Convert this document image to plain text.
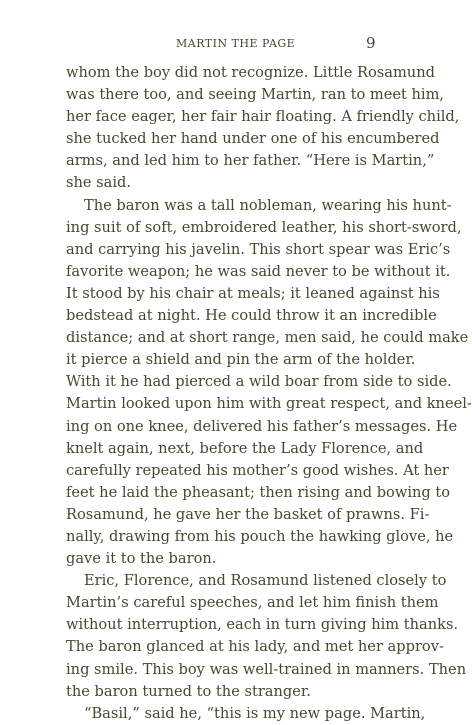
MARTIN THE PAGE	9
whom the boy did not recognize. Little Rosamund
was there too, and seeing Martin, ran to meet him,
her face eager, her fair hair floating. A friendly child,
she tucked her hand under one of his encumbered
arms, and led him to her father. “Here is Martin,”
she said.
The baron was a tall nobleman, wearing his hunt-
ing suit of soft, embroidered leather, his short-sword,
and carrying his javelin. This short spear was Eric’s
favorite weapon; he was said never to be without it.
It stood by his chair at meals; it leaned against his
bedstead at night. He could throw it an incredible
distance; and at short range, men said, he could make
it pierce a shield and pin the arm of the holder.
With it he had pierced a wild boar from side to side.
Martin looked upon him with great respect, and kneel-
ing on one knee, delivered his father’s messages. He
knelt again, next, before the Lady Florence, and
carefully repeated his mother’s good wishes. At her
feet he laid the pheasant; then rising and bowing to
Rosamund, he gave her the basket of prawns. Fi-
nally, drawing from his pouch the hawking glove, he
gave it to the baron.
Eric, Florence, and Rosamund listened closely to
Martin’s careful speeches, and let him finish them
without interruption, each in turn giving him thanks.
The baron glanced at his lady, and met her approv-
ing smile. This boy was well-trained in manners. Then
the baron turned to the stranger.
“Basil,” said he, “this is my new page. Martin,
